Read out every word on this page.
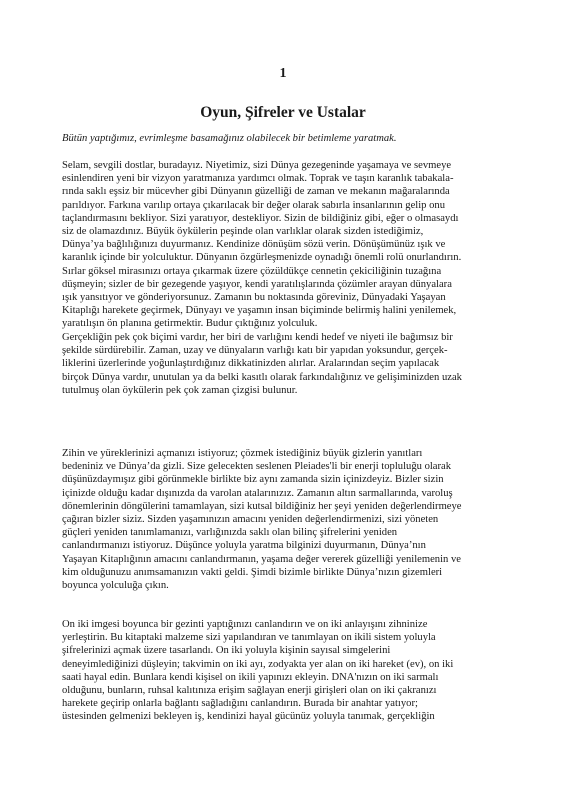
1
Oyun, Şifreler ve Ustalar
Bütün yaptığımız, evrimleşme basamağınız olabilecek bir betimleme yaratmak.
Selam, sevgili dostlar, buradayız. Niyetimiz, sizi Dünya gezegeninde yaşamaya ve sevmeye
esinlendiren yeni bir vizyon yaratmanıza yardımcı olmak. Toprak ve taşın karanlık tabakala-
rında saklı eşsiz bir mücevher gibi Dünyanın güzelliği de zaman ve mekanın mağaralarında
parıldıyor. Farkına varılıp ortaya çıkarılacak bir değer olarak sabırla insanlarının gelip onu
taçlandırmasını bekliyor. Sizi yaratıyor, destekliyor. Sizin de bildiğiniz gibi, eğer o olmasaydı
siz de olamazdınız. Büyük öykülerin peşinde olan varlıklar olarak sizden istediğimiz,
Dünya’ya bağlılığınızı duyurmanız. Kendinize dönüşüm sözü verin. Dönüşümünüz ışık ve
karanlık içinde bir yolculuktur. Dünyanın özgürleşmenizde oynadığı önemli rolü onurlandırın.
Sırlar göksel mirasınızı ortaya çıkarmak üzere çözüldükçe cennetin çekiciliğinin tuzağına
düşmeyin; sizler de bir gezegende yaşıyor, kendi yaratılışlarında çözümler arayan dünyalara
ışık yansıtıyor ve gönderiyorsunuz. Zamanın bu noktasında göreviniz, Dünyadaki Yaşayan
Kitaplığı harekete geçirmek, Dünyayı ve yaşamın insan biçiminde belirmiş halini yenilemek,
yaratılışın ön planına getirmektir. Budur çıktığınız yolculuk.
Gerçekliğin pek çok biçimi vardır, her biri de varlığını kendi hedef ve niyeti ile bağımsız bir
şekilde sürdürebilir. Zaman, uzay ve dünyaların varlığı katı bir yapıdan yoksundur, gerçek-
liklerini üzerlerinde yoğunlaştırdığınız dikkatinizden alırlar. Aralarından seçim yapılacak
birçok Dünya vardır, unutulan ya da belki kasıtlı olarak farkındalığınız ve gelişiminizden uzak
tutulmuş olan öykülerin pek çok zaman çizgisi bulunur.
Zihin ve yüreklerinizi açmanızı istiyoruz; çözmek istediğiniz büyük gizlerin yanıtları
bedeniniz ve Dünya’da gizli. Size gelecekten seslenen Pleiades'li bir enerji topluluğu olarak
düşünüzdaymışız gibi görünmekle birlikte biz aynı zamanda sizin içinizdeyiz. Bizler sizin
içinizde olduğu kadar dışınızda da varolan atalarınızız. Zamanın altın sarmallarında, varoluş
dönemlerinin döngülerini tamamlayan, sizi kutsal bildiğiniz her şeyi yeniden değerlendirmeye
çağıran bizler siziz. Sizden yaşamınızın amacını yeniden değerlendirmenizi, sizi yöneten
güçleri yeniden tanımlamanızı, varlığınızda saklı olan bilinç şifrelerini yeniden
canlandırmanızı istiyoruz. Düşünce yoluyla yaratma bilginizi duyurmanın, Dünya’nın
Yaşayan Kitaplığının amacını canlandırmanın, yaşama değer vererek güzelliği yenilemenin ve
kim olduğunuzu anımsamanızın vakti geldi. Şimdi bizimle birlikte Dünya’nızın gizemleri
boyunca yolculuğa çıkın.
On iki imgesi boyunca bir gezinti yaptığınızı canlandırın ve on iki anlayışını zihninize
yerleştirin. Bu kitaptaki malzeme sizi yapılandıran ve tanımlayan on ikili sistem yoluyla
şifrelerinizi açmak üzere tasarlandı. On iki yoluyla kişinin sayısal simgelerini
deneyimlediğinizi düşleyin; takvimin on iki ayı, zodyakta yer alan on iki hareket (ev), on iki
saati hayal edin. Bunlara kendi kişisel on ikili yapınızı ekleyin. DNA'nızın on iki sarmalı
olduğunu, bunların, ruhsal kalıtınıza erişim sağlayan enerji girişleri olan on iki çakranızı
harekete geçirip onlarla bağlantı sağladığını canlandırın. Burada bir anahtar yatıyor;
üstesinden gelmenizi bekleyen iş, kendinizi hayal gücünüz yoluyla tanımak, gerçekliğin
